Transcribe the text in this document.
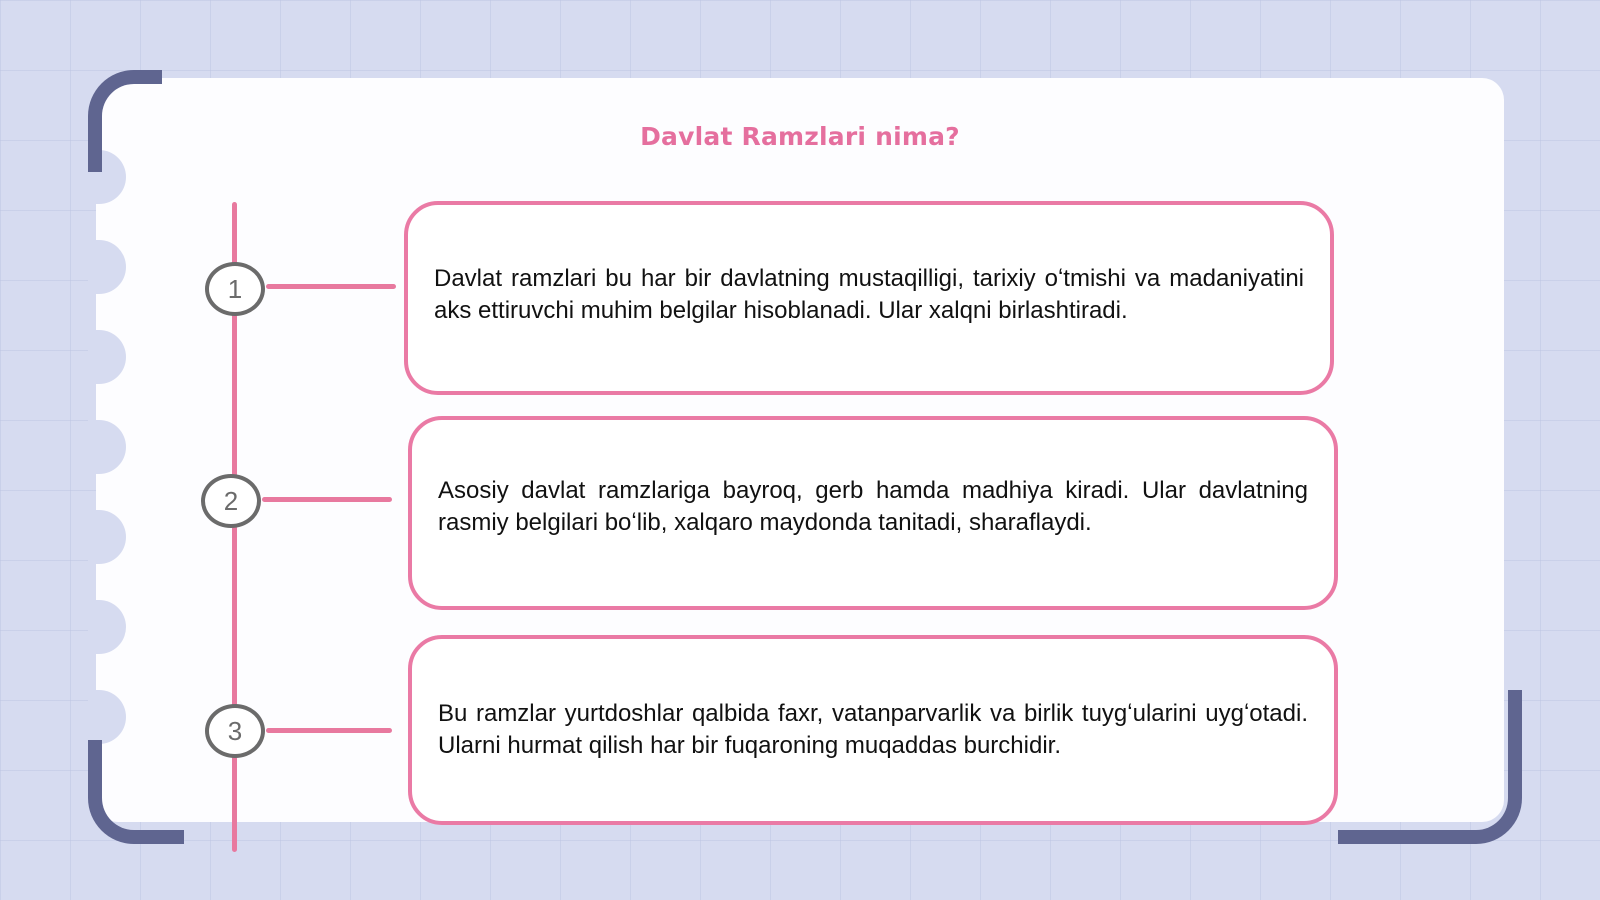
Davlat Ramzlari nima?
1
2
3

Davlat ramzlari bu har bir davlatning mustaqilligi, tarixiy oʻtmishi va madaniyatini aks ettiruvchi muhim belgilar hisoblanadi. Ular xalqni birlashtiradi.

Asosiy davlat ramzlariga bayroq, gerb hamda madhiya kiradi. Ular davlatning rasmiy belgilari boʻlib, xalqaro maydonda tanitadi, sharaflaydi.

Bu ramzlar yurtdoshlar qalbida faxr, vatanparvarlik va birlik tuygʻularini uygʻotadi. Ularni hurmat qilish har bir fuqaroning muqaddas burchidir.
